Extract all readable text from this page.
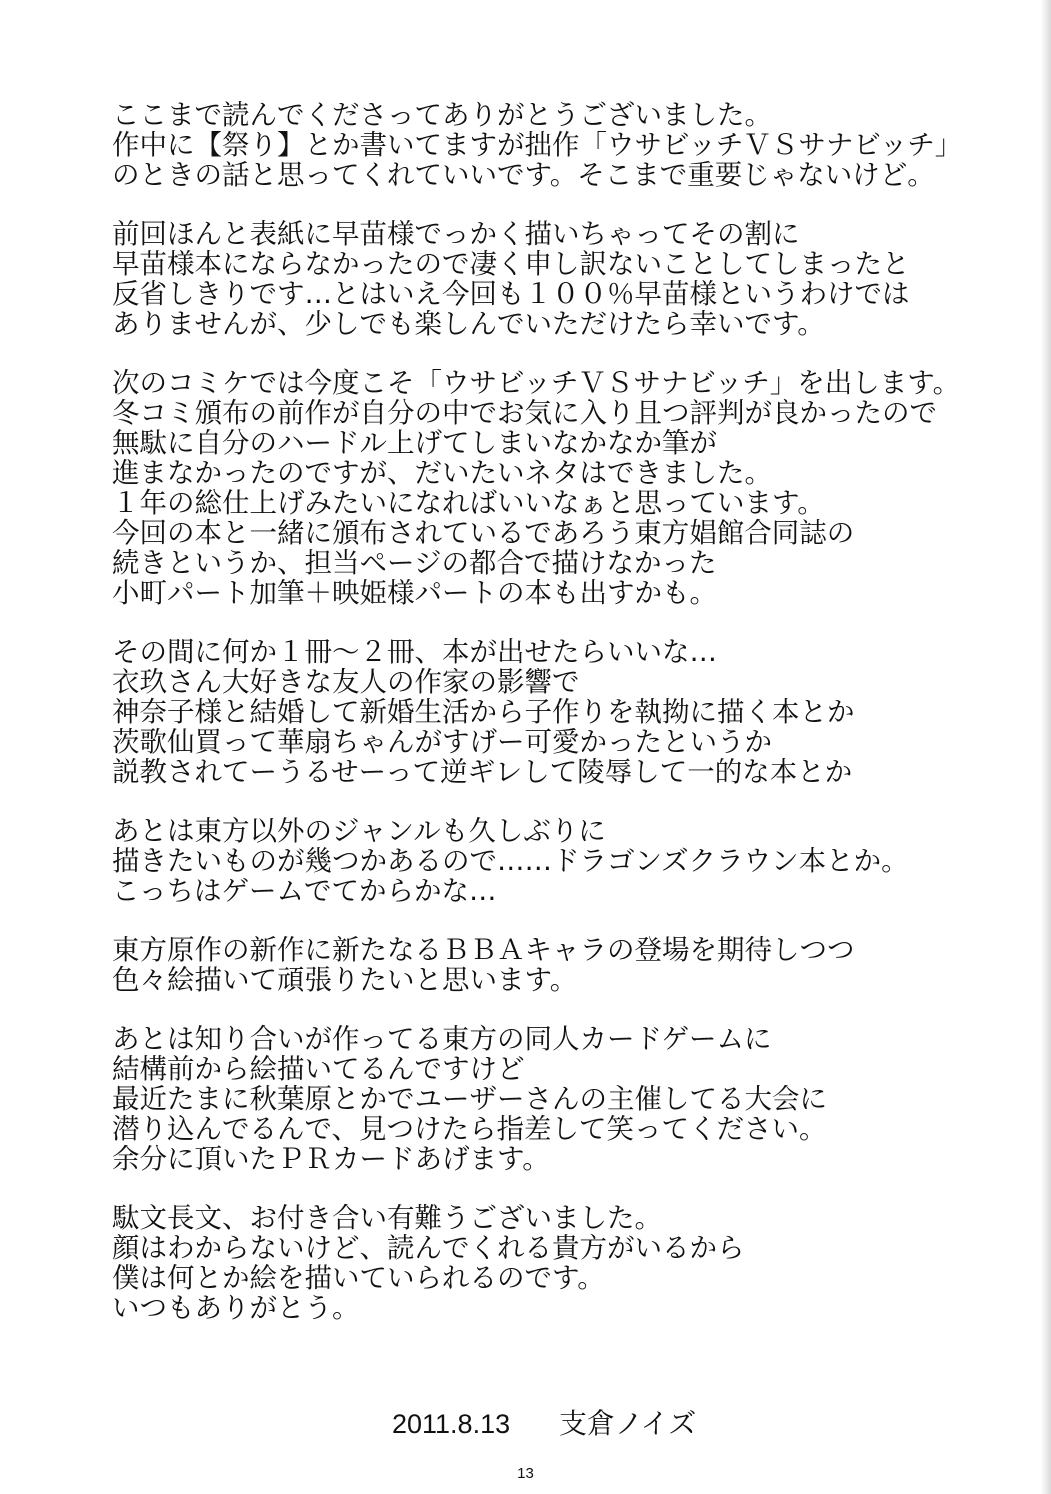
ここまで読んでくださってありがとうございました。
作中に【祭り】とか書いてますが拙作「ウサビッチＶＳサナビッチ」
のときの話と思ってくれていいです。そこまで重要じゃないけど。
前回ほんと表紙に早苗様でっかく描いちゃってその割に
早苗様本にならなかったので凄く申し訳ないことしてしまったと
反省しきりです…とはいえ今回も１００％早苗様というわけでは
ありませんが、少しでも楽しんでいただけたら幸いです。
次のコミケでは今度こそ「ウサビッチＶＳサナビッチ」を出します。
冬コミ頒布の前作が自分の中でお気に入り且つ評判が良かったので
無駄に自分のハードル上げてしまいなかなか筆が
進まなかったのですが、だいたいネタはできました。
１年の総仕上げみたいになればいいなぁと思っています。
今回の本と一緒に頒布されているであろう東方娼館合同誌の
続きというか、担当ページの都合で描けなかった
小町パート加筆＋映姫様パートの本も出すかも。
その間に何か１冊～２冊、本が出せたらいいな…
衣玖さん大好きな友人の作家の影響で
神奈子様と結婚して新婚生活から子作りを執拗に描く本とか
茨歌仙買って華扇ちゃんがすげー可愛かったというか
説教されてーうるせーって逆ギレして陵辱して一的な本とか
あとは東方以外のジャンルも久しぶりに
描きたいものが幾つかあるので……ドラゴンズクラウン本とか。
こっちはゲームでてからかな…
東方原作の新作に新たなるＢＢＡキャラの登場を期待しつつ
色々絵描いて頑張りたいと思います。
あとは知り合いが作ってる東方の同人カードゲームに
結構前から絵描いてるんですけど
最近たまに秋葉原とかでユーザーさんの主催してる大会に
潜り込んでるんで、見つけたら指差して笑ってください。
余分に頂いたＰＲカードあげます。
駄文長文、お付き合い有難うございました。
顔はわからないけど、読んでくれる貴方がいるから
僕は何とか絵を描いていられるのです。
いつもありがとう。
2011.8.13 支倉ノイズ
13
